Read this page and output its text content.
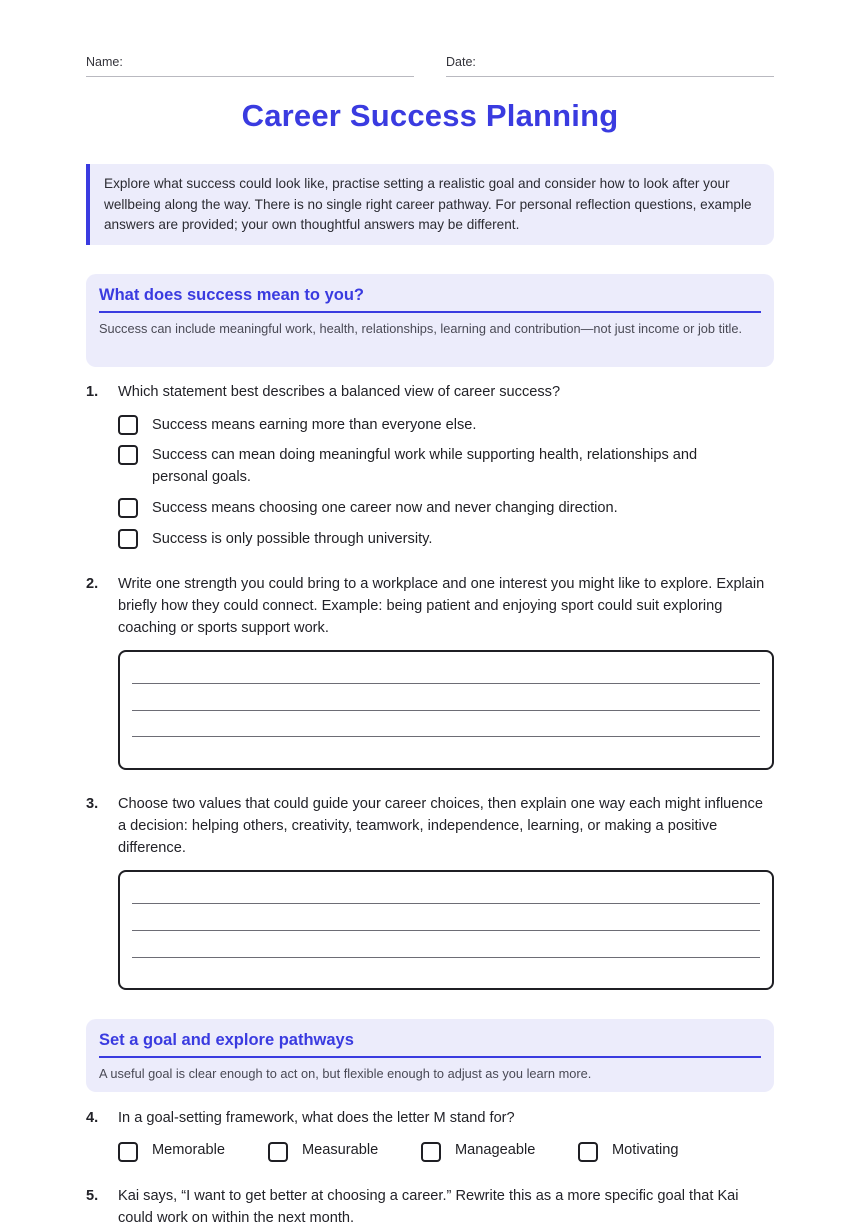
Name:	Date:
Career Success Planning
Explore what success could look like, practise setting a realistic goal and consider how to look after your wellbeing along the way. There is no single right career pathway. For personal reflection questions, example answers are provided; your own thoughtful answers may be different.
What does success mean to you?
Success can include meaningful work, health, relationships, learning and contribution—not just income or job title.
1. Which statement best describes a balanced view of career success?
Success means earning more than everyone else.
Success can mean doing meaningful work while supporting health, relationships and personal goals.
Success means choosing one career now and never changing direction.
Success is only possible through university.
2. Write one strength you could bring to a workplace and one interest you might like to explore. Explain briefly how they could connect. Example: being patient and enjoying sport could suit exploring coaching or sports support work.
3. Choose two values that could guide your career choices, then explain one way each might influence a decision: helping others, creativity, teamwork, independence, learning, or making a positive difference.
Set a goal and explore pathways
A useful goal is clear enough to act on, but flexible enough to adjust as you learn more.
4. In a goal-setting framework, what does the letter M stand for?
Memorable	Measurable	Manageable	Motivating
5. Kai says, “I want to get better at choosing a career.” Rewrite this as a more specific goal that Kai could work on within the next month.
